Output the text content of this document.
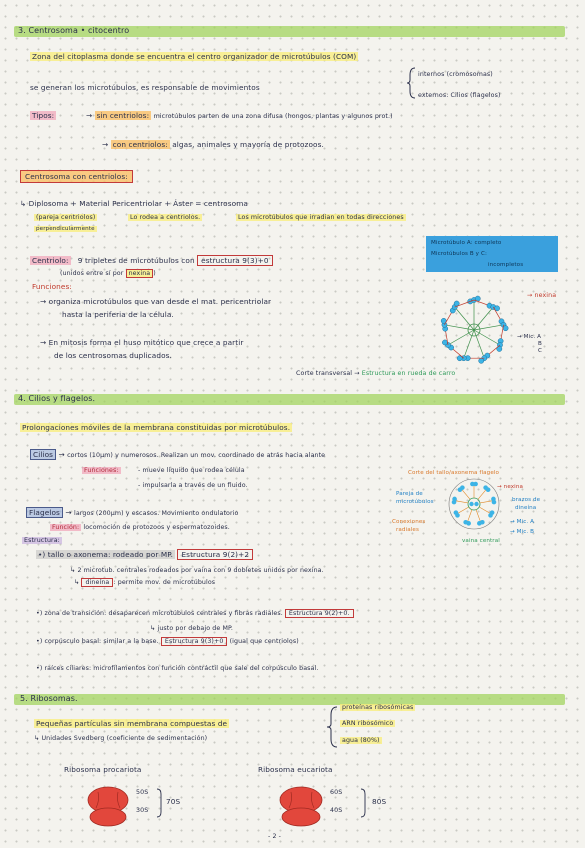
3. Centrosoma • citocentro
Zona del citoplasma donde se encuentra el centro organizador de microtúbulos (COM)
se generan los microtúbulos, es responsable de movimientos
internos (cromosomas)
externos: Cilios (flagelos)
Tipos:	→ sin centriolos: microtúbulos parten de una zona difusa (hongos, plantas y algunos prot.)
→ con centriolos: algas, animales y mayoría de protozoos.
Centrosoma con centriolos:
↳ Diplosoma + Material Pericentriolar + Áster = centrosoma
(pareja centriolos)	Lo rodea a centriolos.	Los microtúbulos que irradian en todas direcciones
perpendicularmente
Microtúbulo A: completo
Microtúbulos B y C:
incompletos
Centriolo: 9 tripletes de microtúbulos con estructura 9(3)+0
(unidos entre sí por nexina )
Funciones:
→ organiza microtúbulos que van desde el mat. pericentriolar
hasta la periferia de la célula.
→ En mitosis forma el huso mitótico que crece a partir
de los centrosomas duplicados.
→ nexina
→ Mic. A
B
C
Corte transversal → Estructura en rueda de carro
4. Cilios y flagelos.
Prolongaciones móviles de la membrana constituidas por microtúbulos.
Cilios → cortos (10µm) y numerosos. Realizan un mov. coordinado de atrás hacia alante
Funciones:	- mueve líquido que rodea célula
- impulsarla a través de un fluido.
Corte del tallo/axonema flagelo
→ nexina
brazos de
dineína
Pareja de
microtúbulos
Conexiones
radiales
→ Mic. A
→ Mic. B
vaina central
Flagelos → largos (200µm) y escasos. Movimiento ondulatorio
Función: locomoción de protozoos y espermatozoides.
Estructura:
•) tallo o axonema: rodeado por MP. Estructura 9(2)+2
↳ 2 microtub. centrales rodeados por vaina con 9 dobletes unidos por nexina.
↳ dineína : permite mov. de microtúbulos
•) zona de transición: desaparecen microtúbulos centrales y fibras radiales. Estructura 9(2)+0.
↳ justo por debajo de MP.
•) corpúsculo basal: similar a la base. Estructura 9(3)+0 (igual que centriolos)
•) raíces ciliares: microfilamentos con función contráctil que sale del corpúsculo basal.
5. Ribosomas.
Pequeñas partículas sin membrana compuestas de
↳ Unidades Svedberg (coeficiente de sedimentación)
proteínas ribosómicas
ARN ribosómico
agua (80%)
Ribosoma procariota	Ribosoma eucariota
50S
30S
70S
60S
40S
80S
- 2 -
